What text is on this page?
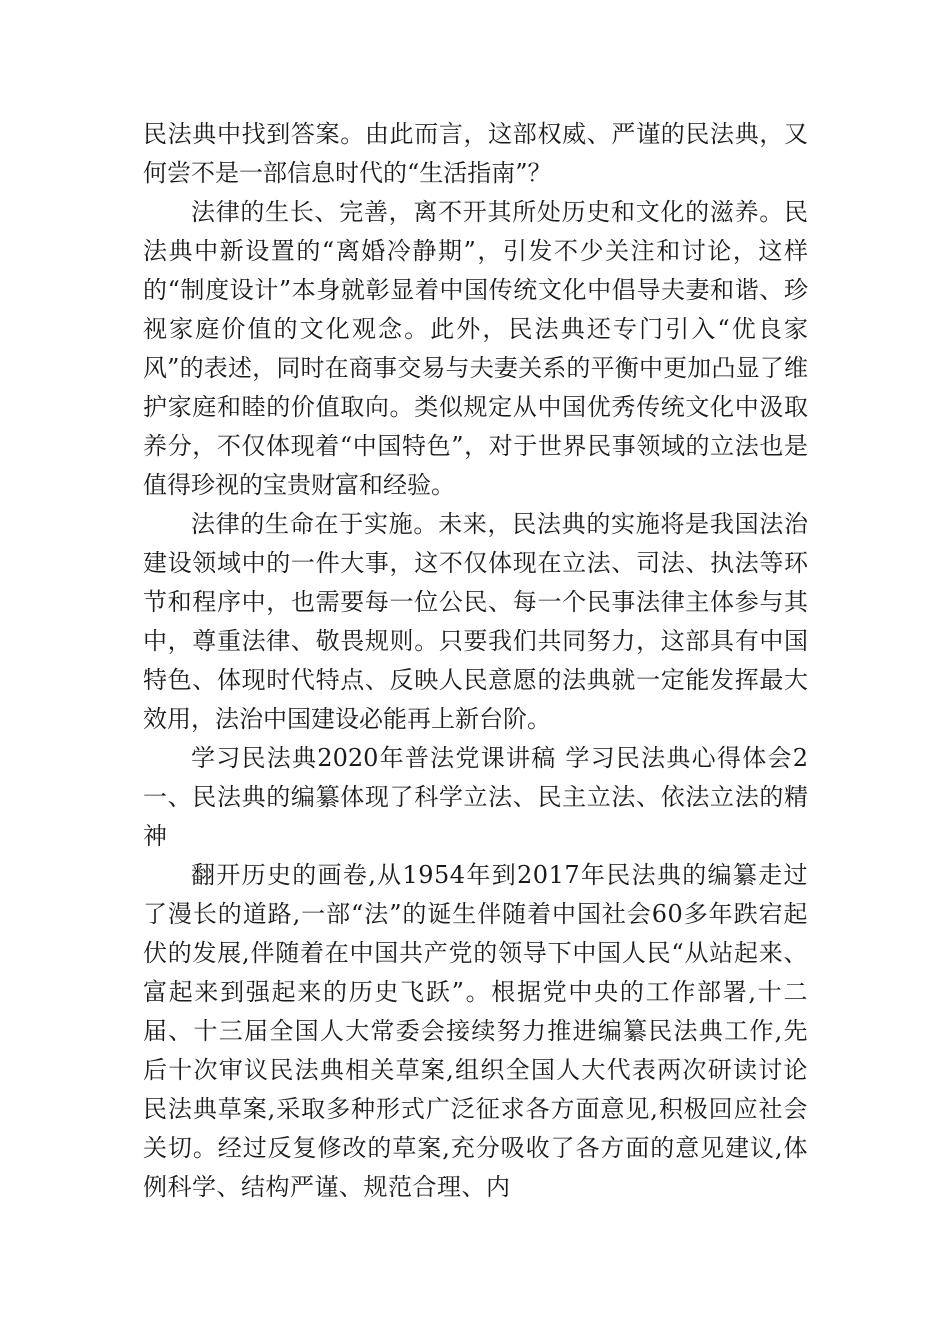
民法典中找到答案。由此而言，这部权威、严谨的民法典，又何尝不是一部信息时代的“生活指南”？

法律的生长、完善，离不开其所处历史和文化的滋养。民法典中新设置的“离婚冷静期”，引发不少关注和讨论，这样的“制度设计”本身就彰显着中国传统文化中倡导夫妻和谐、珍视家庭价值的文化观念。此外，民法典还专门引入“优良家风”的表述，同时在商事交易与夫妻关系的平衡中更加凸显了维护家庭和睦的价值取向。类似规定从中国优秀传统文化中汲取养分，不仅体现着“中国特色”，对于世界民事领域的立法也是值得珍视的宝贵财富和经验。

法律的生命在于实施。未来，民法典的实施将是我国法治建设领域中的一件大事，这不仅体现在立法、司法、执法等环节和程序中，也需要每一位公民、每一个民事法律主体参与其中，尊重法律、敬畏规则。只要我们共同努力，这部具有中国特色、体现时代特点、反映人民意愿的法典就一定能发挥最大效用，法治中国建设必能再上新台阶。

学习民法典2020年普法党课讲稿 学习民法典心得体会2一、民法典的编纂体现了科学立法、民主立法、依法立法的精神

翻开历史的画卷,从1954年到2017年民法典的编纂走过了漫长的道路,一部“法”的诞生伴随着中国社会60多年跌宕起伏的发展,伴随着在中国共产党的领导下中国人民“从站起来、富起来到强起来的历史飞跃”。根据党中央的工作部署,十二届、十三届全国人大常委会接续努力推进编纂民法典工作,先后十次审议民法典相关草案,组织全国人大代表两次研读讨论民法典草案,采取多种形式广泛征求各方面意见,积极回应社会关切。经过反复修改的草案,充分吸收了各方面的意见建议,体例科学、结构严谨、规范合理、内
